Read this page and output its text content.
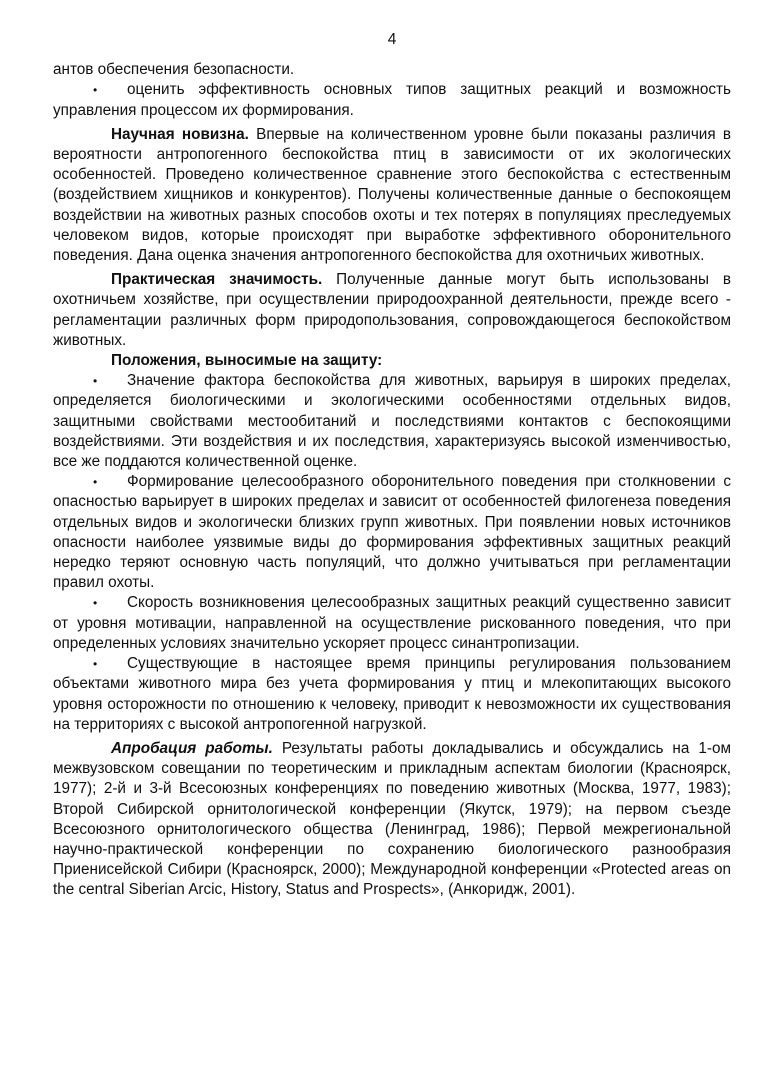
4

антов обеспечения безопасности.

• оценить эффективность основных типов защитных реакций и возможность управления процессом их формирования.

Научная новизна. Впервые на количественном уровне были показаны различия в вероятности антропогенного беспокойства птиц в зависимости от их экологических особенностей. Проведено количественное сравнение этого беспокойства с естественным (воздействием хищников и конкурентов). Получены количественные данные о беспокоящем воздействии на животных разных способов охоты и тех потерях в популяциях преследуемых человеком видов, которые происходят при выработке эффективного оборонительного поведения. Дана оценка значения антропогенного беспокойства для охотничьих животных.

Практическая значимость. Полученные данные могут быть использованы в охотничьем хозяйстве, при осуществлении природоохранной деятельности, прежде всего - регламентации различных форм природопользования, сопровождающегося беспокойством животных.

Положения, выносимые на защиту:

• Значение фактора беспокойства для животных, варьируя в широких пределах, определяется биологическими и экологическими особенностями отдельных видов, защитными свойствами местообитаний и последствиями контактов с беспокоящими воздействиями. Эти воздействия и их последствия, характеризуясь высокой изменчивостью, все же поддаются количественной оценке.

• Формирование целесообразного оборонительного поведения при столкновении с опасностью варьирует в широких пределах и зависит от особенностей филогенеза поведения отдельных видов и экологически близких групп животных. При появлении новых источников опасности наиболее уязвимые виды до формирования эффективных защитных реакций нередко теряют основную часть популяций, что должно учитываться при регламентации правил охоты.

• Скорость возникновения целесообразных защитных реакций существенно зависит от уровня мотивации, направленной на осуществление рискованного поведения, что при определенных условиях значительно ускоряет процесс синантропизации.

• Существующие в настоящее время принципы регулирования пользованием объектами животного мира без учета формирования у птиц и млекопитающих высокого уровня осторожности по отношению к человеку, приводит к невозможности их существования на территориях с высокой антропогенной нагрузкой.

Апробация работы. Результаты работы докладывались и обсуждались на 1-ом межвузовском совещании по теоретическим и прикладным аспектам биологии (Красноярск, 1977); 2-й и 3-й Всесоюзных конференциях по поведению животных (Москва, 1977, 1983); Второй Сибирской орнитологической конференции (Якутск, 1979); на первом съезде Всесоюзного орнитологического общества (Ленинград, 1986); Первой межрегиональной научно-практической конференции по сохранению биологического разнообразия Приенисейской Сибири (Красноярск, 2000); Международной конференции «Protected areas on the central Siberian Arcic, History, Status and Prospects», (Анкоридж, 2001).
